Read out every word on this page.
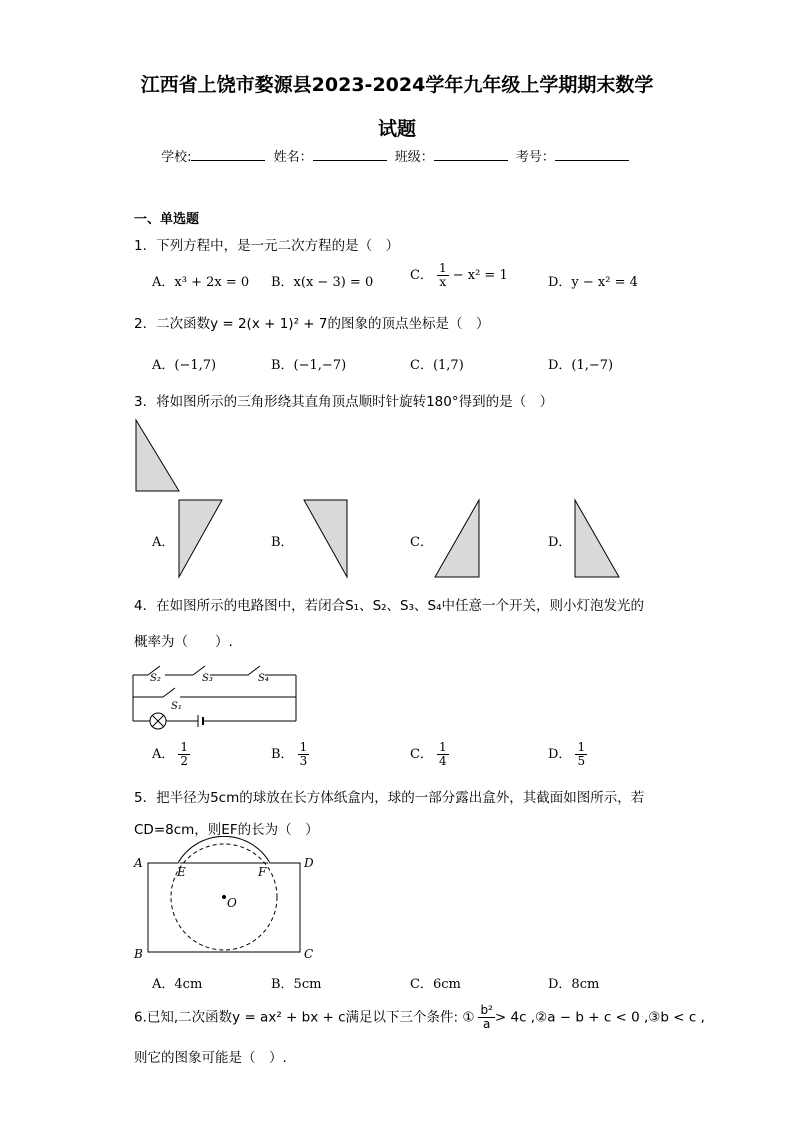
江西省上饶市婺源县2023-2024学年九年级上学期期末数学
试题
学校:	姓名：	班级：	考号：
一、单选题
1．下列方程中，是一元二次方程的是（　）
A．x³ + 2x = 0 B．x(x − 3) = 0	C． $\frac{1}{x} - x^2 = 1$	D．y − x² = 4
2．二次函数y = 2(x + 1)² + 7的图象的顶点坐标是（　）
A．(−1,7)	B．(−1,−7)	C．(1,7)	D．(1,−7)
3．将如图所示的三角形绕其直角顶点顺时针旋转180°得到的是（　）
A．	B．	C．	D．
4．在如图所示的电路图中，若闭合S₁、S₂、S₃、S₄中任意一个开关，则小灯泡发光的
概率为（　　）.
S₂	S₃	S₄
S₁
A． $\frac{1}{2}$	B． $\frac{1}{3}$	C． $\frac{1}{4}$	D． $\frac{1}{5}$
5．把半径为5cm的球放在长方体纸盒内，球的一部分露出盒外，其截面如图所示，若
CD=8cm，则EF的长为（　）
A
B	C
D
E	F
O
A．4cm	B．5cm	C．6cm	D．8cm
6.已知,二次函数y = ax² + bx + c满足以下三个条件: ① $\frac{\text{b²}}{a} > 4c$ ,②a − b + c < 0 ,③b < c ,
则它的图象可能是（　）.
